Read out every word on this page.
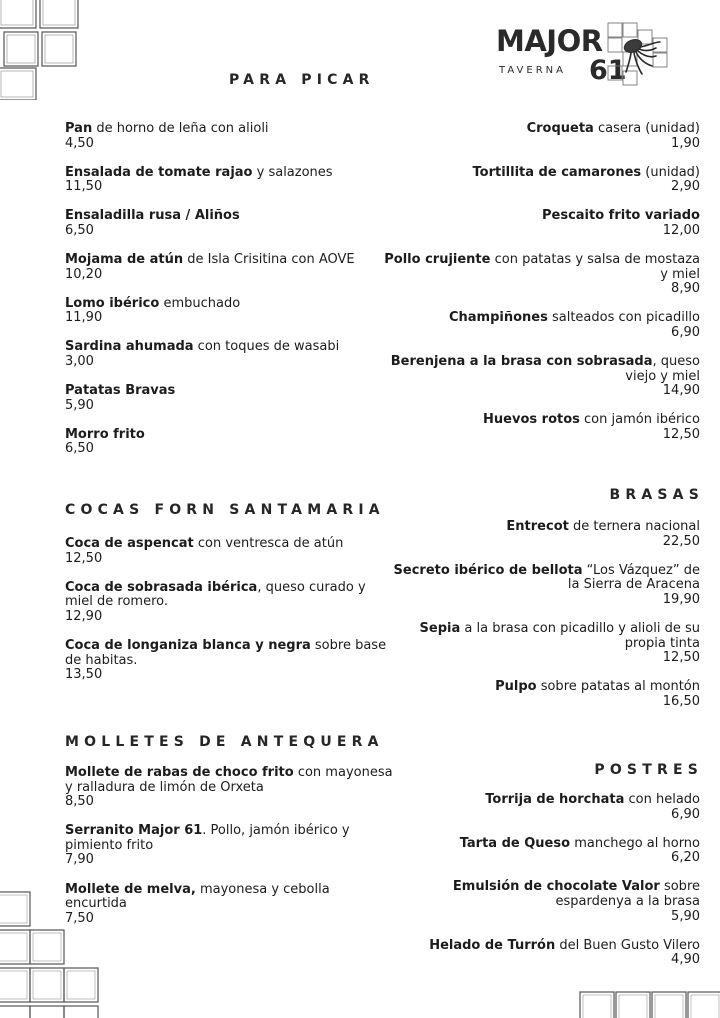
MAJOR
TAVERNA 61
PARA PICAR
Pan de horno de leña con alioli
4,50
Ensalada de tomate rajao y salazones
11,50
Ensaladilla rusa / Aliños
6,50
Mojama de atún de Isla Crisitina con AOVE
10,20
Lomo ibérico embuchado
11,90
Sardina ahumada con toques de wasabi
3,00
Patatas Bravas
5,90
Morro frito
6,50
Croqueta casera (unidad)
1,90
Tortillita de camarones (unidad)
2,90
Pescaito frito variado
12,00
Pollo crujiente con patatas y salsa de mostaza y miel
8,90
Champiñones salteados con picadillo
6,90
Berenjena a la brasa con sobrasada, queso viejo y miel
14,90
Huevos rotos con jamón ibérico
12,50
COCAS FORN SANTAMARIA
Coca de aspencat con ventresca de atún
12,50
Coca de sobrasada ibérica, queso curado y miel de romero.
12,90
Coca de longaniza blanca y negra sobre base de habitas.
13,50
BRASAS
Entrecot de ternera nacional
22,50
Secreto ibérico de bellota “Los Vázquez” de la Sierra de Aracena
19,90
Sepia a la brasa con picadillo y alioli de su propia tinta
12,50
Pulpo sobre patatas al montón
16,50
MOLLETES DE ANTEQUERA
Mollete de rabas de choco frito con mayonesa y ralladura de limón de Orxeta
8,50
Serranito Major 61. Pollo, jamón ibérico y pimiento frito
7,90
Mollete de melva, mayonesa y cebolla encurtida
7,50
POSTRES
Torrija de horchata con helado
6,90
Tarta de Queso manchego al horno
6,20
Emulsión de chocolate Valor sobre espardenya a la brasa
5,90
Helado de Turrón del Buen Gusto Vilero
4,90
